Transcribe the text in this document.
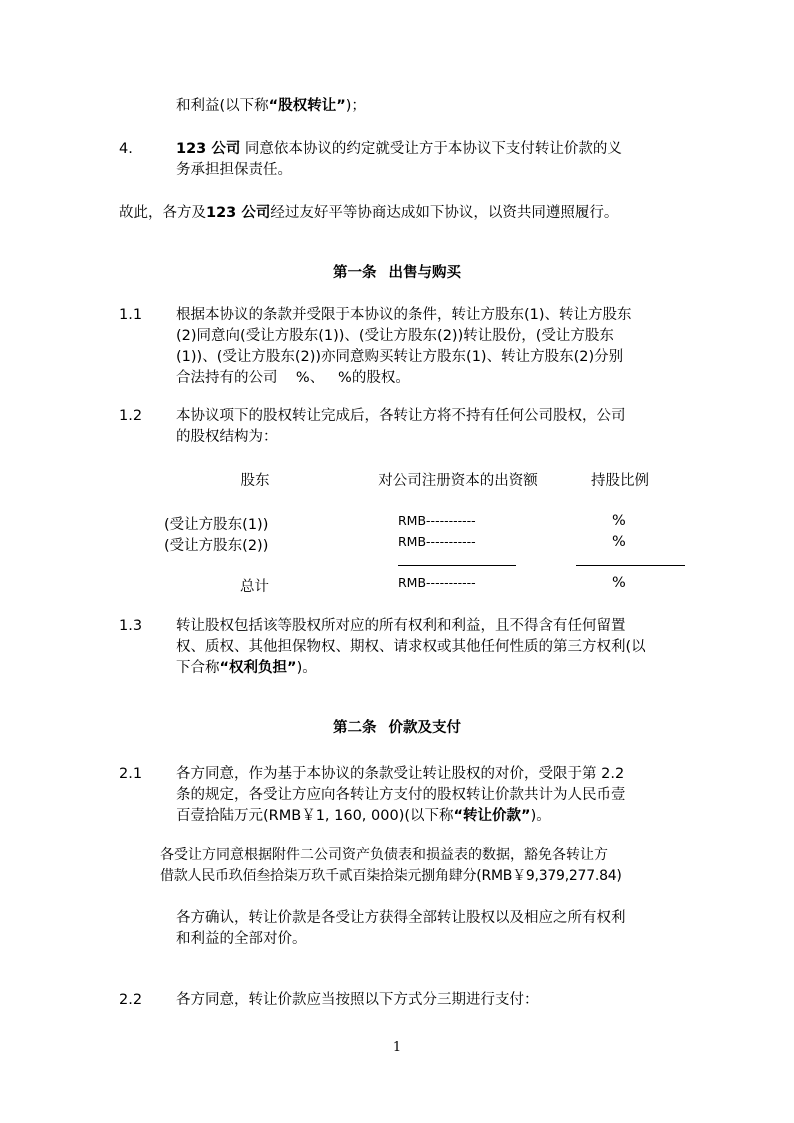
和利益(以下称“股权转让”)；
4.	123 公司 同意依本协议的约定就受让方于本协议下支付转让价款的义
务承担担保责任。
故此，各方及123 公司经过友好平等协商达成如下协议，以资共同遵照履行。
第一条 出售与购买
1.1 根据本协议的条款并受限于本协议的条件，转让方股东(1)、转让方股东
(2)同意向(受让方股东(1))、(受让方股东(2))转让股份，(受让方股东
(1))、(受让方股东(2))亦同意购买转让方股东(1)、转让方股东(2)分别
合法持有的公司    %、   %的股权。
1.2 本协议项下的股权转让完成后，各转让方将不持有任何公司股权，公司
的股权结构为：
股东	对公司注册资本的出资额	持股比例
(受让方股东(1))	RMB-----------	%
(受让方股东(2))	RMB-----------	%
总计	RMB-----------	%
1.3 转让股权包括该等股权所对应的所有权利和利益，且不得含有任何留置
权、质权、其他担保物权、期权、请求权或其他任何性质的第三方权利(以
下合称“权利负担”)。
第二条 价款及支付
2.1 各方同意，作为基于本协议的条款受让转让股权的对价，受限于第 2.2
条的规定，各受让方应向各转让方支付的股权转让价款共计为人民币壹
百壹拾陆万元(RMB￥1, 160, 000)(以下称“转让价款”)。
各受让方同意根据附件二公司资产负债表和损益表的数据，豁免各转让方
借款人民币玖佰叁拾柒万玖千贰百柒拾柒元捌角肆分(RMB￥9,379,277.84)
各方确认，转让价款是各受让方获得全部转让股权以及相应之所有权利
和利益的全部对价。
2.2 各方同意，转让价款应当按照以下方式分三期进行支付：
1
